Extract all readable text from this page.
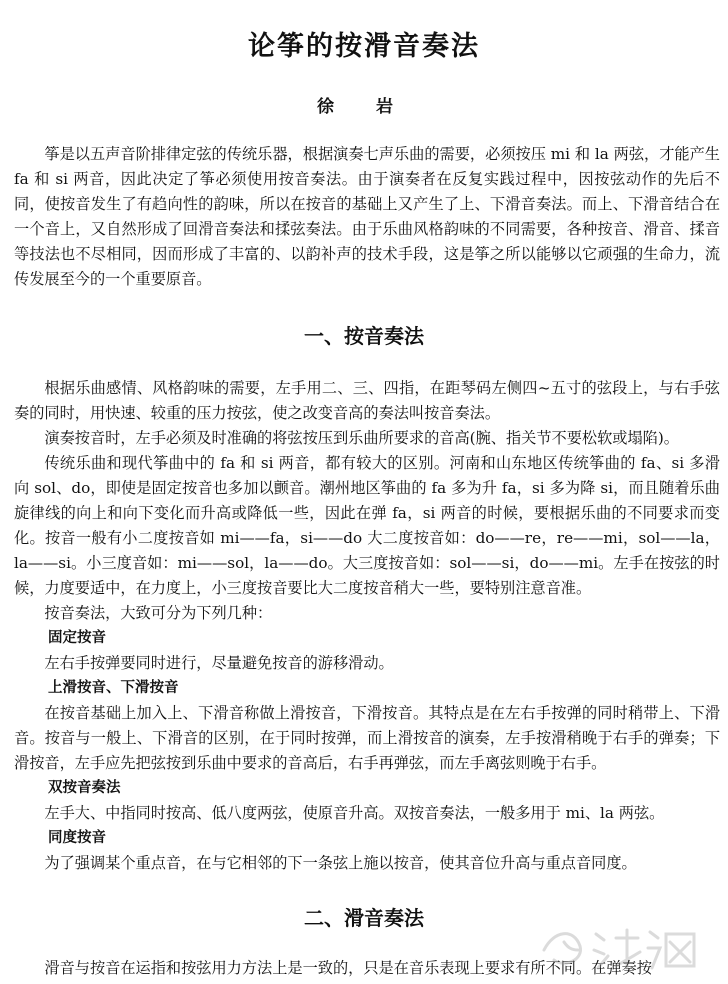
论筝的按滑音奏法
徐 岩

筝是以五声音阶排律定弦的传统乐器，根据演奏七声乐曲的需要，必须按压 mi 和 la 两弦，才能产生 fa 和 si 两音，因此决定了筝必须使用按音奏法。由于演奏者在反复实践过程中，因按弦动作的先后不同，使按音发生了有趋向性的韵味，所以在按音的基础上又产生了上、下滑音奏法。而上、下滑音结合在一个音上，又自然形成了回滑音奏法和揉弦奏法。由于乐曲风格韵味的不同需要，各种按音、滑音、揉音等技法也不尽相同，因而形成了丰富的、以韵补声的技术手段，这是筝之所以能够以它顽强的生命力，流传发展至今的一个重要原音。

一、按音奏法

根据乐曲感情、风格韵味的需要，左手用二、三、四指，在距琴码左侧四~五寸的弦段上，与右手弦奏的同时，用快速、较重的压力按弦，使之改变音高的奏法叫按音奏法。

演奏按音时，左手必须及时准确的将弦按压到乐曲所要求的音高(腕、指关节不要松软或塌陷)。

传统乐曲和现代筝曲中的 fa 和 si 两音，都有较大的区别。河南和山东地区传统筝曲的 fa、si 多滑向 sol、do，即使是固定按音也多加以颤音。潮州地区筝曲的 fa 多为升 fa，si 多为降 si，而且随着乐曲旋律线的向上和向下变化而升高或降低一些，因此在弹 fa，si 两音的时候，要根据乐曲的不同要求而变化。按音一般有小二度按音如 mi——fa，si——do 大二度按音如：do——re，re——mi，sol——la，la——si。小三度音如：mi——sol，la——do。大三度按音如：sol——si，do——mi。左手在按弦的时候，力度要适中，在力度上，小三度按音要比大二度按音稍大一些，要特别注意音准。

按音奏法，大致可分为下列几种：

固定按音

左右手按弹要同时进行，尽量避免按音的游移滑动。

上滑按音、下滑按音

在按音基础上加入上、下滑音称做上滑按音，下滑按音。其特点是在左右手按弹的同时稍带上、下滑音。按音与一般上、下滑音的区别，在于同时按弹，而上滑按音的演奏，左手按滑稍晚于右手的弹奏；下滑按音，左手应先把弦按到乐曲中要求的音高后，右手再弹弦，而左手离弦则晚于右手。

双按音奏法

左手大、中指同时按高、低八度两弦，使原音升高。双按音奏法，一般多用于 mi、la 两弦。

同度按音

为了强调某个重点音，在与它相邻的下一条弦上施以按音，使其音位升高与重点音同度。

二、滑音奏法

滑音与按音在运指和按弦用力方法上是一致的，只是在音乐表现上要求有所不同。在弹奏按
